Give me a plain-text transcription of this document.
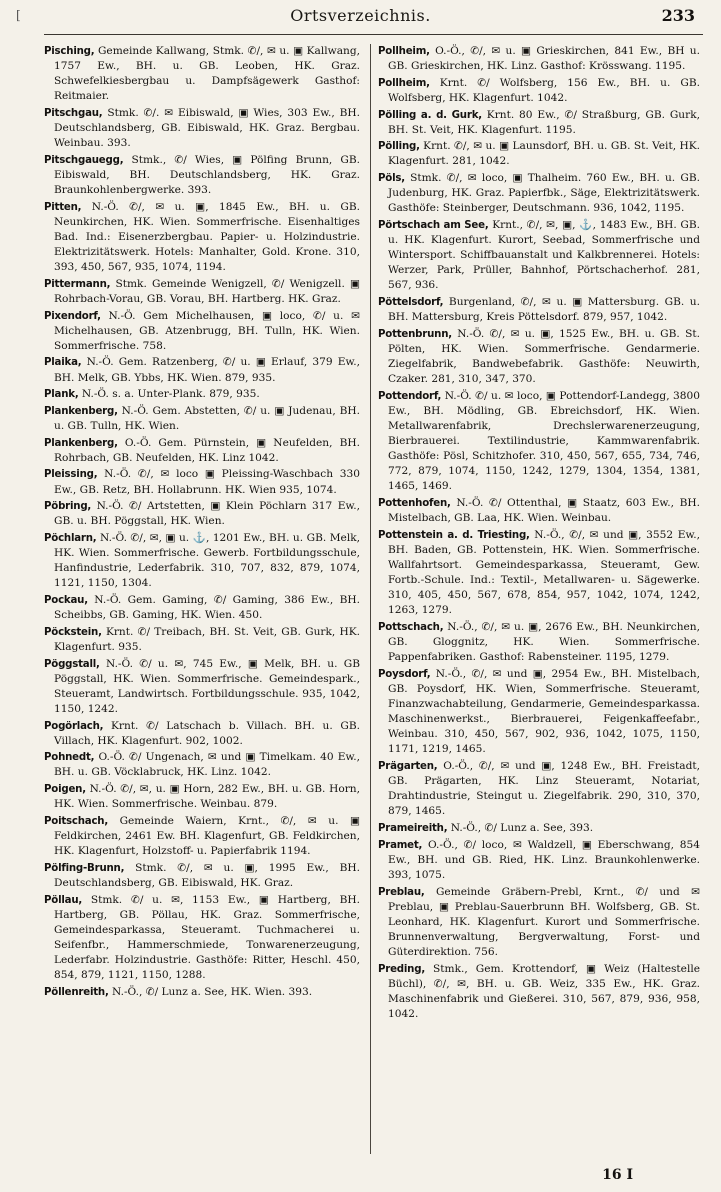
[	Ortsverzeichnis.	233

Pisching, Gemeinde Kallwang, Stmk. ✆/, ✉ u. ▣ Kallwang, 1757 Ew., BH. u. GB. Leoben, HK. Graz. Schwefelkiesbergbau u. Dampfsägewerk Gasthof: Reitmaier.

Pitschgau, Stmk. ✆/. ✉ Eibiswald, ▣ Wies, 303 Ew., BH. Deutschlandsberg, GB. Eibiswald, HK. Graz. Bergbau. Weinbau. 393.

Pitschgauegg, Stmk., ✆/ Wies, ▣ Pölfing Brunn, GB. Eibiswald, BH. Deutschlandsberg, HK. Graz. Braunkohlenbergwerke. 393.

Pitten, N.-Ö. ✆/, ✉ u. ▣, 1845 Ew., BH. u. GB. Neunkirchen, HK. Wien. Sommerfrische. Eisenhaltiges Bad. Ind.: Eisenerzbergbau. Papier- u. Holzindustrie. Elektrizitätswerk. Hotels: Manhalter, Gold. Krone. 310, 393, 450, 567, 935, 1074, 1194.

Pittermann, Stmk. Gemeinde Wenigzell, ✆/ Wenigzell. ▣ Rohrbach-Vorau, GB. Vorau, BH. Hartberg. HK. Graz.

Pixendorf, N.-Ö. Gem Michelhausen, ▣ loco, ✆/ u. ✉ Michelhausen, GB. Atzenbrugg, BH. Tulln, HK. Wien. Sommerfrische. 758.

Plaika, N.-Ö. Gem. Ratzenberg, ✆/ u. ▣ Erlauf, 379 Ew., BH. Melk, GB. Ybbs, HK. Wien. 879, 935.

Plank, N.-Ö. s. a. Unter-Plank. 879, 935.

Plankenberg, N.-Ö. Gem. Abstetten, ✆/ u. ▣ Judenau, BH. u. GB. Tulln, HK. Wien.

Plankenberg, O.-Ö. Gem. Pürnstein, ▣ Neufelden, BH. Rohrbach, GB. Neufelden, HK. Linz 1042.

Pleissing, N.-Ö. ✆/, ✉ loco ▣ Pleissing-Waschbach 330 Ew., GB. Retz, BH. Hollabrunn. HK. Wien 935, 1074.

Pöbring, N.-Ö. ✆/ Artstetten, ▣ Klein Pöchlarn 317 Ew., GB. u. BH. Pöggstall, HK. Wien.

Pöchlarn, N.-Ö. ✆/, ✉, ▣ u. ⚓, 1201 Ew., BH. u. GB. Melk, HK. Wien. Sommerfrische. Gewerb. Fortbildungsschule, Hanfindustrie, Lederfabrik. 310, 707, 832, 879, 1074, 1121, 1150, 1304.

Pockau, N.-Ö. Gem. Gaming, ✆/ Gaming, 386 Ew., BH. Scheibbs, GB. Gaming, HK. Wien. 450.

Pöckstein, Krnt. ✆/ Treibach, BH. St. Veit, GB. Gurk, HK. Klagenfurt. 935.

Pöggstall, N.-Ö. ✆/ u. ✉, 745 Ew., ▣ Melk, BH. u. GB Pöggstall, HK. Wien. Sommerfrische. Gemeindespark., Steueramt, Landwirtsch. Fortbildungsschule. 935, 1042, 1150, 1242.

Pogörlach, Krnt. ✆/ Latschach b. Villach. BH. u. GB. Villach, HK. Klagenfurt. 902, 1002.

Pohnedt, O.-Ö. ✆/ Ungenach, ✉ und ▣ Timelkam. 40 Ew., BH. u. GB. Vöcklabruck, HK. Linz. 1042.

Poigen, N.-Ö. ✆/, ✉, u. ▣ Horn, 282 Ew., BH. u. GB. Horn, HK. Wien. Sommerfrische. Weinbau. 879.

Poitschach, Gemeinde Waiern, Krnt., ✆/, ✉ u. ▣ Feldkirchen, 2461 Ew. BH. Klagenfurt, GB. Feldkirchen, HK. Klagenfurt, Holzstoff- u. Papierfabrik 1194.

Pölfing-Brunn, Stmk. ✆/, ✉ u. ▣, 1995 Ew., BH. Deutschlandsberg, GB. Eibiswald, HK. Graz.

Pöllau, Stmk. ✆/ u. ✉, 1153 Ew., ▣ Hartberg, BH. Hartberg, GB. Pöllau, HK. Graz. Sommerfrische, Gemeindesparkassa, Steueramt. Tuchmacherei u. Seifenfbr., Hammerschmiede, Tonwarenerzeugung, Lederfabr. Holzindustrie. Gasthöfe: Ritter, Heschl. 450, 854, 879, 1121, 1150, 1288.

Pöllenreith, N.-Ö., ✆/ Lunz a. See, HK. Wien. 393.

Pollheim, O.-Ö., ✆/, ✉ u. ▣ Grieskirchen, 841 Ew., BH u. GB. Grieskirchen, HK. Linz. Gasthof: Krösswang. 1195.

Pollheim, Krnt. ✆/ Wolfsberg, 156 Ew., BH. u. GB. Wolfsberg, HK. Klagenfurt. 1042.

Pölling a. d. Gurk, Krnt. 80 Ew., ✆/ Straßburg, GB. Gurk, BH. St. Veit, HK. Klagenfurt. 1195.

Pölling, Krnt. ✆/, ✉ u. ▣ Launsdorf, BH. u. GB. St. Veit, HK. Klagenfurt. 281, 1042.

Pöls, Stmk. ✆/, ✉ loco, ▣ Thalheim. 760 Ew., BH. u. GB. Judenburg, HK. Graz. Papierfbk., Säge, Elektrizitätswerk. Gasthöfe: Steinberger, Deutschmann. 936, 1042, 1195.

Pörtschach am See, Krnt., ✆/, ✉, ▣, ⚓, 1483 Ew., BH. GB. u. HK. Klagenfurt. Kurort, Seebad, Sommerfrische und Wintersport. Schiffbauanstalt und Kalkbrennerei. Hotels: Werzer, Park, Prüller, Bahnhof, Pörtschacherhof. 281, 567, 936.

Pöttelsdorf, Burgenland, ✆/, ✉ u. ▣ Mattersburg. GB. u. BH. Mattersburg, Kreis Pöttelsdorf. 879, 957, 1042.

Pottenbrunn, N.-Ö. ✆/, ✉ u. ▣, 1525 Ew., BH. u. GB. St. Pölten, HK. Wien. Sommerfrische. Gendarmerie. Ziegelfabrik, Bandwebefabrik. Gasthöfe: Neuwirth, Czaker. 281, 310, 347, 370.

Pottendorf, N.-Ö. ✆/ u. ✉ loco, ▣ Pottendorf-Landegg, 3800 Ew., BH. Mödling, GB. Ebreichsdorf, HK. Wien. Metallwarenfabrik, Drechslerwarenerzeugung, Bierbrauerei. Textilindustrie, Kammwarenfabrik. Gasthöfe: Pösl, Schitzhofer. 310, 450, 567, 655, 734, 746, 772, 879, 1074, 1150, 1242, 1279, 1304, 1354, 1381, 1465, 1469.

Pottenhofen, N.-Ö. ✆/ Ottenthal, ▣ Staatz, 603 Ew., BH. Mistelbach, GB. Laa, HK. Wien. Weinbau.

Pottenstein a. d. Triesting, N.-Ö., ✆/, ✉ und ▣, 3552 Ew., BH. Baden, GB. Pottenstein, HK. Wien. Sommerfrische. Wallfahrtsort. Gemeindesparkassa, Steueramt, Gew. Fortb.-Schule. Ind.: Textil-, Metallwaren- u. Sägewerke. 310, 405, 450, 567, 678, 854, 957, 1042, 1074, 1242, 1263, 1279.

Pottschach, N.-Ö., ✆/, ✉ u. ▣, 2676 Ew., BH. Neunkirchen, GB. Gloggnitz, HK. Wien. Sommerfrische. Pappenfabriken. Gasthof: Rabensteiner. 1195, 1279.

Poysdorf, N.-Ö., ✆/, ✉ und ▣, 2954 Ew., BH. Mistelbach, GB. Poysdorf, HK. Wien, Sommerfrische. Steueramt, Finanzwachabteilung, Gendarmerie, Gemeindesparkassa. Maschinenwerkst., Bierbrauerei, Feigenkaffeefabr., Weinbau. 310, 450, 567, 902, 936, 1042, 1075, 1150, 1171, 1219, 1465.

Prägarten, O.-Ö., ✆/, ✉ und ▣, 1248 Ew., BH. Freistadt, GB. Prägarten, HK. Linz Steueramt, Notariat, Drahtindustrie, Steingut u. Ziegelfabrik. 290, 310, 370, 879, 1465.

Prameireith, N.-Ö., ✆/ Lunz a. See, 393.

Pramet, O.-Ö., ✆/ loco, ✉ Waldzell, ▣ Eberschwang, 854 Ew., BH. und GB. Ried, HK. Linz. Braunkohlenwerke. 393, 1075.

Preblau, Gemeinde Gräbern-Prebl, Krnt., ✆/ und ✉ Preblau, ▣ Preblau-Sauerbrunn BH. Wolfsberg, GB. St. Leonhard, HK. Klagenfurt. Kurort und Sommerfrische. Brunnenverwaltung, Bergverwaltung, Forst- und Güterdirektion. 756.

Preding, Stmk., Gem. Krottendorf, ▣ Weiz (Haltestelle Büchl), ✆/, ✉, BH. u. GB. Weiz, 335 Ew., HK. Graz. Maschinenfabrik und Gießerei. 310, 567, 879, 936, 958, 1042.

16 I
